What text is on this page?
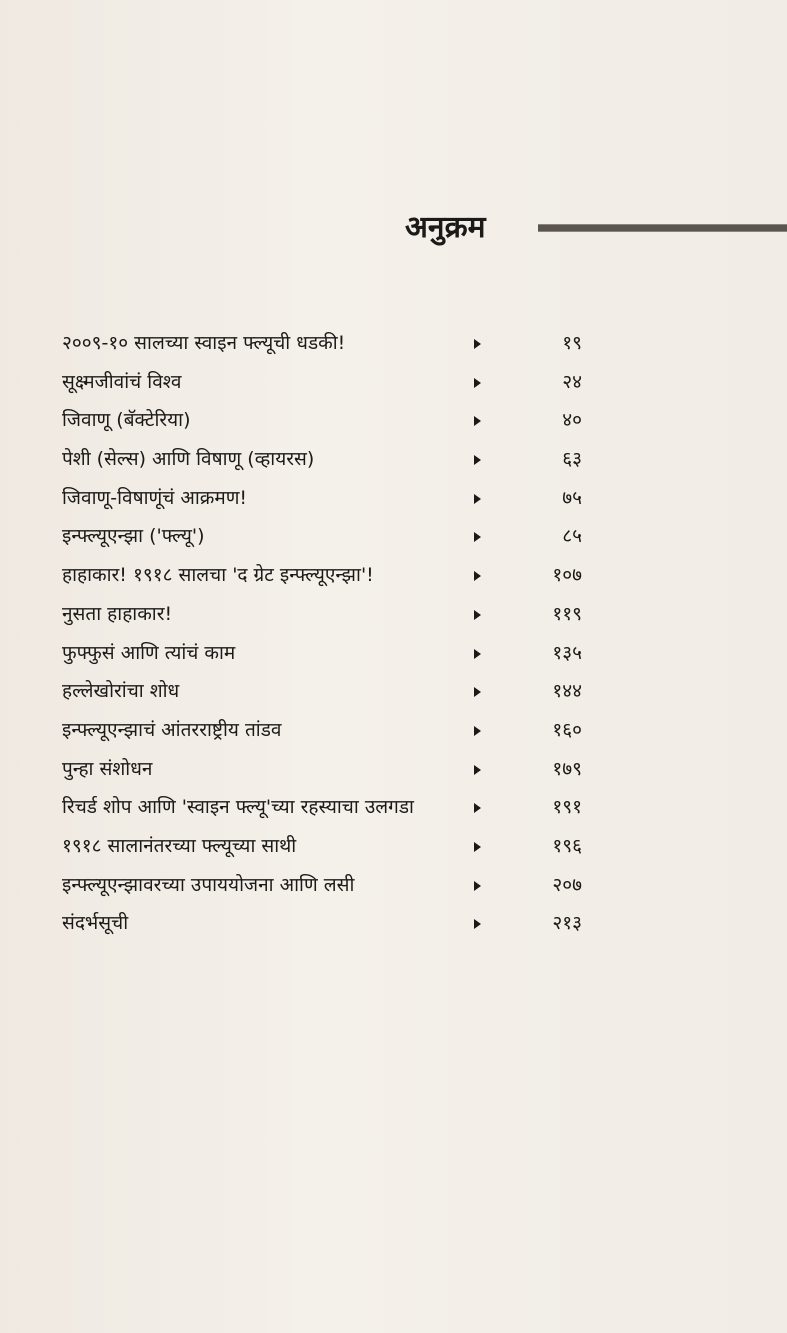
अनुक्रम
२००९-१० सालच्या स्वाइन फ्ल्यूची धडकी!	१९
सूक्ष्मजीवांचं विश्व	२४
जिवाणू (बॅक्टेरिया)	४०
पेशी (सेल्स) आणि विषाणू (व्हायरस)	६३
जिवाणू-विषाणूंचं आक्रमण!	७५
इन्फ्ल्यूएन्झा ('फ्ल्यू')	८५
हाहाकार! १९१८ सालचा 'द ग्रेट इन्फ्ल्यूएन्झा'!	१०७
नुसता हाहाकार!	११९
फुफ्फुसं आणि त्यांचं काम	१३५
हल्लेखोरांचा शोध	१४४
इन्फ्ल्यूएन्झाचं आंतरराष्ट्रीय तांडव	१६०
पुन्हा संशोधन	१७९
रिचर्ड शोप आणि 'स्वाइन फ्ल्यू'च्या रहस्याचा उलगडा	१९१
१९१८ सालानंतरच्या फ्ल्यूच्या साथी	१९६
इन्फ्ल्यूएन्झावरच्या उपाययोजना आणि लसी	२०७
संदर्भसूची	२१३
